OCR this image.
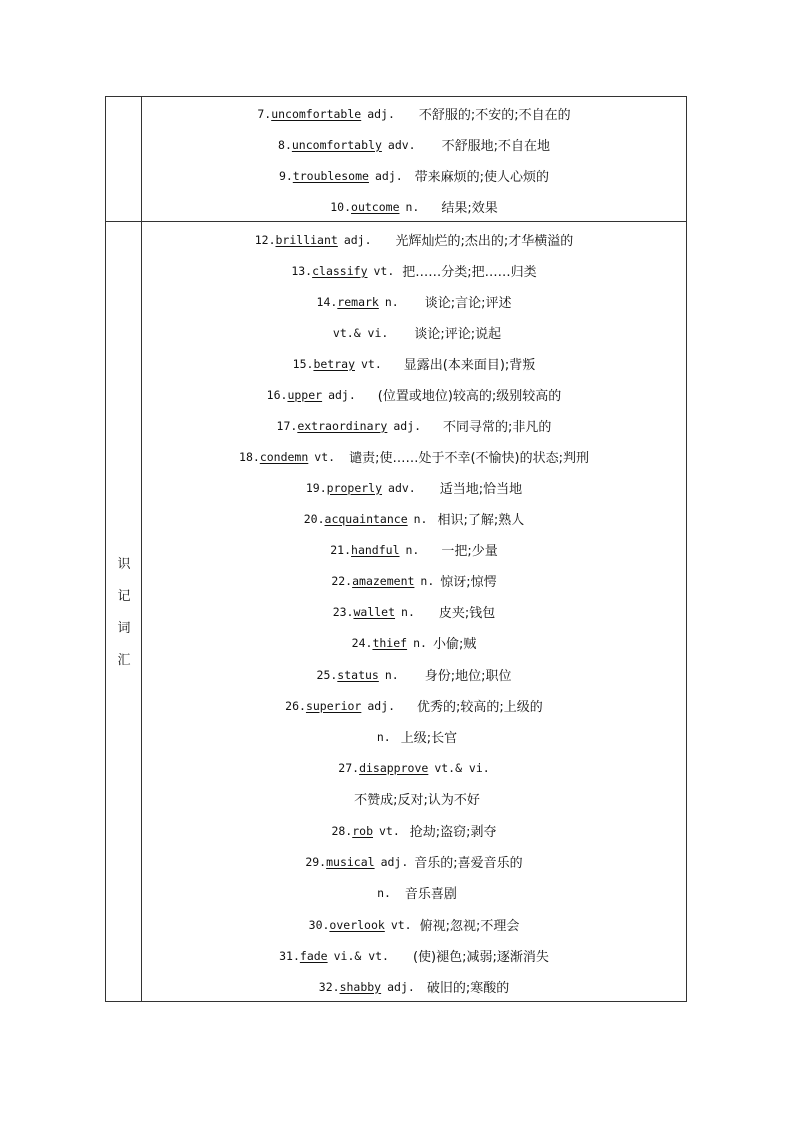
7. uncomfortable adj. 不舒服的;不安的;不自在的
8. uncomfortably adv. 不舒服地;不自在地
9. troublesome adj. 带来麻烦的;使人心烦的
10. outcome n. 结果;效果
识
记
词
汇
12. brilliant adj. 光辉灿烂的;杰出的;才华横溢的
13. classify vt. 把……分类;把……归类
14. remark n. 谈论;言论;评述
vt.& vi. 谈论;评论;说起
15. betray vt. 显露出(本来面目);背叛
16. upper adj. (位置或地位)较高的;级别较高的
17. extraordinary adj. 不同寻常的;非凡的
18. condemn vt. 谴责;使……处于不幸(不愉快)的状态;判刑
19. properly adv. 适当地;恰当地
20. acquaintance n. 相识;了解;熟人
21. handful n. 一把;少量
22. amazement n. 惊讶;惊愕
23. wallet n. 皮夹;钱包
24. thief n. 小偷;贼
25. status n. 身份;地位;职位
26. superior adj. 优秀的;较高的;上级的
n. 上级;长官
27. disapprove vt.& vi.
不赞成;反对;认为不好
28. rob vt. 抢劫;盗窃;剥夺
29. musical adj. 音乐的;喜爱音乐的
n. 音乐喜剧
30. overlook vt. 俯视;忽视;不理会
31. fade vi.& vt. (使)褪色;减弱;逐渐消失
32. shabby adj. 破旧的;寒酸的
